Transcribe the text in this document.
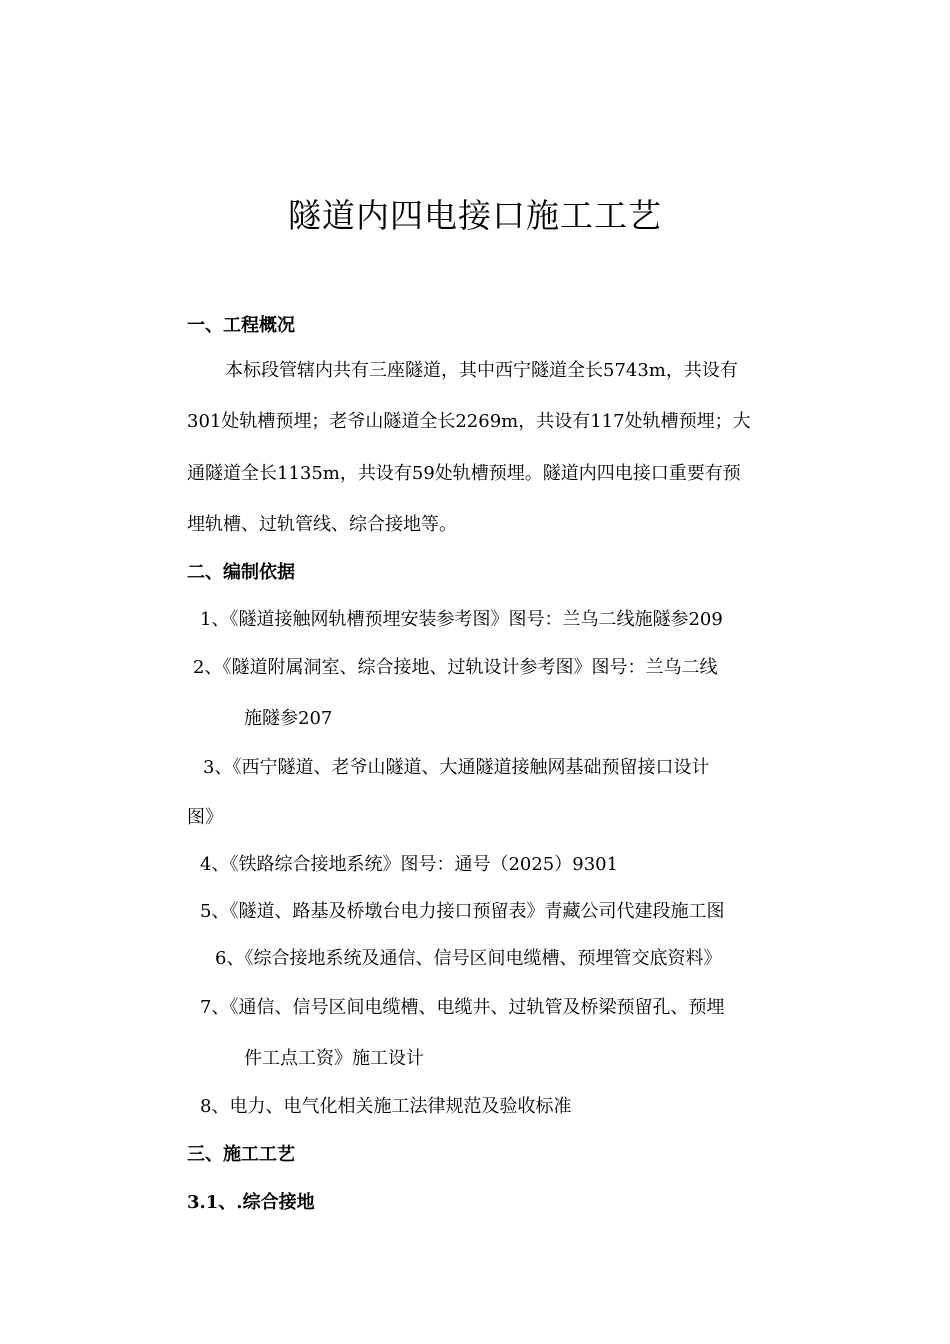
隧道内四电接口施工工艺
一、工程概况
本标段管辖内共有三座隧道，其中西宁隧道全长5743m，共设有
301处轨槽预埋；老爷山隧道全长2269m，共设有117处轨槽预埋；大
通隧道全长1135m，共设有59处轨槽预埋。隧道内四电接口重要有预
埋轨槽、过轨管线、综合接地等。
二、编制依据
1、《隧道接触网轨槽预埋安装参考图》图号：兰乌二线施隧参209
2、《隧道附属洞室、综合接地、过轨设计参考图》图号：兰乌二线
施隧参207
3、《西宁隧道、老爷山隧道、大通隧道接触网基础预留接口设计
图》
4、《铁路综合接地系统》图号：通号（2025）9301
5、《隧道、路基及桥墩台电力接口预留表》青藏公司代建段施工图
6、《综合接地系统及通信、信号区间电缆槽、预埋管交底资料》
7、《通信、信号区间电缆槽、电缆井、过轨管及桥梁预留孔、预埋
件工点工资》施工设计
8、电力、电气化相关施工法律规范及验收标准
三、施工工艺
3.1、.综合接地
